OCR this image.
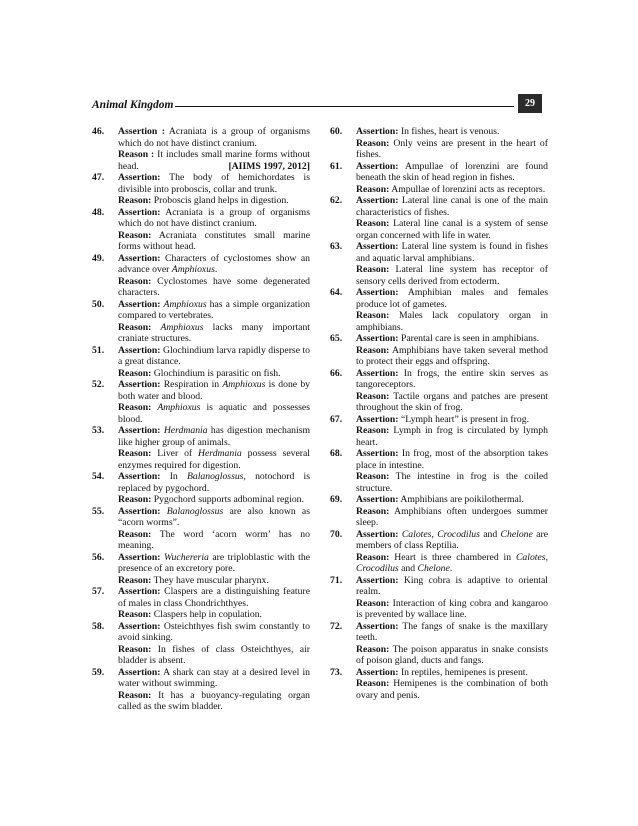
Animal Kingdom	29
46. Assertion : Acraniata is a group of organisms which do not have distinct cranium.
Reason : It includes small marine forms without head.	[AIIMS 1997, 2012]
47. Assertion: The body of hemichordates is divisible into proboscis, collar and trunk.
Reason: Proboscis gland helps in digestion.
48. Assertion: Acraniata is a group of organisms which do not have distinct cranium.
Reason: Acraniata constitutes small marine forms without head.
49. Assertion: Characters of cyclostomes show an advance over Amphioxus.
Reason: Cyclostomes have some degenerated characters.
50. Assertion: Amphioxus has a simple organization compared to vertebrates.
Reason: Amphioxus lacks many important craniate structures.
51. Assertion: Glochindium larva rapidly disperse to a great distance.
Reason: Glochindium is parasitic on fish.
52. Assertion: Respiration in Amphioxus is done by both water and blood.
Reason: Amphioxus is aquatic and possesses blood.
53. Assertion: Herdmania has digestion mechanism like higher group of animals.
Reason: Liver of Herdmania possess several enzymes required for digestion.
54. Assertion: In Balanoglossus, notochord is replaced by pygochord.
Reason: Pygochord supports adbominal region.
55. Assertion: Balanoglossus are also known as “acorn worms”.
Reason: The word ‘acorn worm’ has no meaning.
56. Assertion: Wuchereria are triploblastic with the presence of an excretory pore.
Reason: They have muscular pharynx.
57. Assertion: Claspers are a distinguishing feature of males in class Chondrichthyes.
Reason: Claspers help in copulation.
58. Assertion: Osteichthyes fish swim constantly to avoid sinking.
Reason: In fishes of class Osteichthyes, air bladder is absent.
59. Assertion: A shark can stay at a desired level in water without swimming.
Reason: It has a buoyancy-regulating organ called as the swim bladder.
60. Assertion: In fishes, heart is venous.
Reason: Only veins are present in the heart of fishes.
61. Assertion: Ampullae of lorenzini are found beneath the skin of head region in fishes.
Reason: Ampullae of lorenzini acts as receptors.
62. Assertion: Lateral line canal is one of the main characteristics of fishes.
Reason: Lateral line canal is a system of sense organ concerned with life in water.
63. Assertion: Lateral line system is found in fishes and aquatic larval amphibians.
Reason: Lateral line system has receptor of sensory cells derived from ectoderm.
64. Assertion: Amphibian males and females produce lot of gametes.
Reason: Males lack copulatory organ in amphibians.
65. Assertion: Parental care is seen in amphibians.
Reason: Amphibians have taken several method to protect their eggs and offspring.
66. Assertion: In frogs, the entire skin serves as tangoreceptors.
Reason: Tactile organs and patches are present throughout the skin of frog.
67. Assertion: “Lymph heart” is present in frog.
Reason: Lymph in frog is circulated by lymph heart.
68. Assertion: In frog, most of the absorption takes place in intestine.
Reason: The intestine in frog is the coiled structure.
69. Assertion: Amphibians are poikilothermal.
Reason: Amphibians often undergoes summer sleep.
70. Assertion: Calotes, Crocodilus and Chelone are members of class Reptilia.
Reason: Heart is three chambered in Calotes, Crocodilus and Chelone.
71. Assertion: King cobra is adaptive to oriental realm.
Reason: Interaction of king cobra and kangaroo is prevented by wallace line.
72. Assertion: The fangs of snake is the maxillary teeth.
Reason: The poison apparatus in snake consists of poison gland, ducts and fangs.
73. Assertion: In reptiles, hemipenes is present.
Reason: Hemipenes is the combination of both ovary and penis.
